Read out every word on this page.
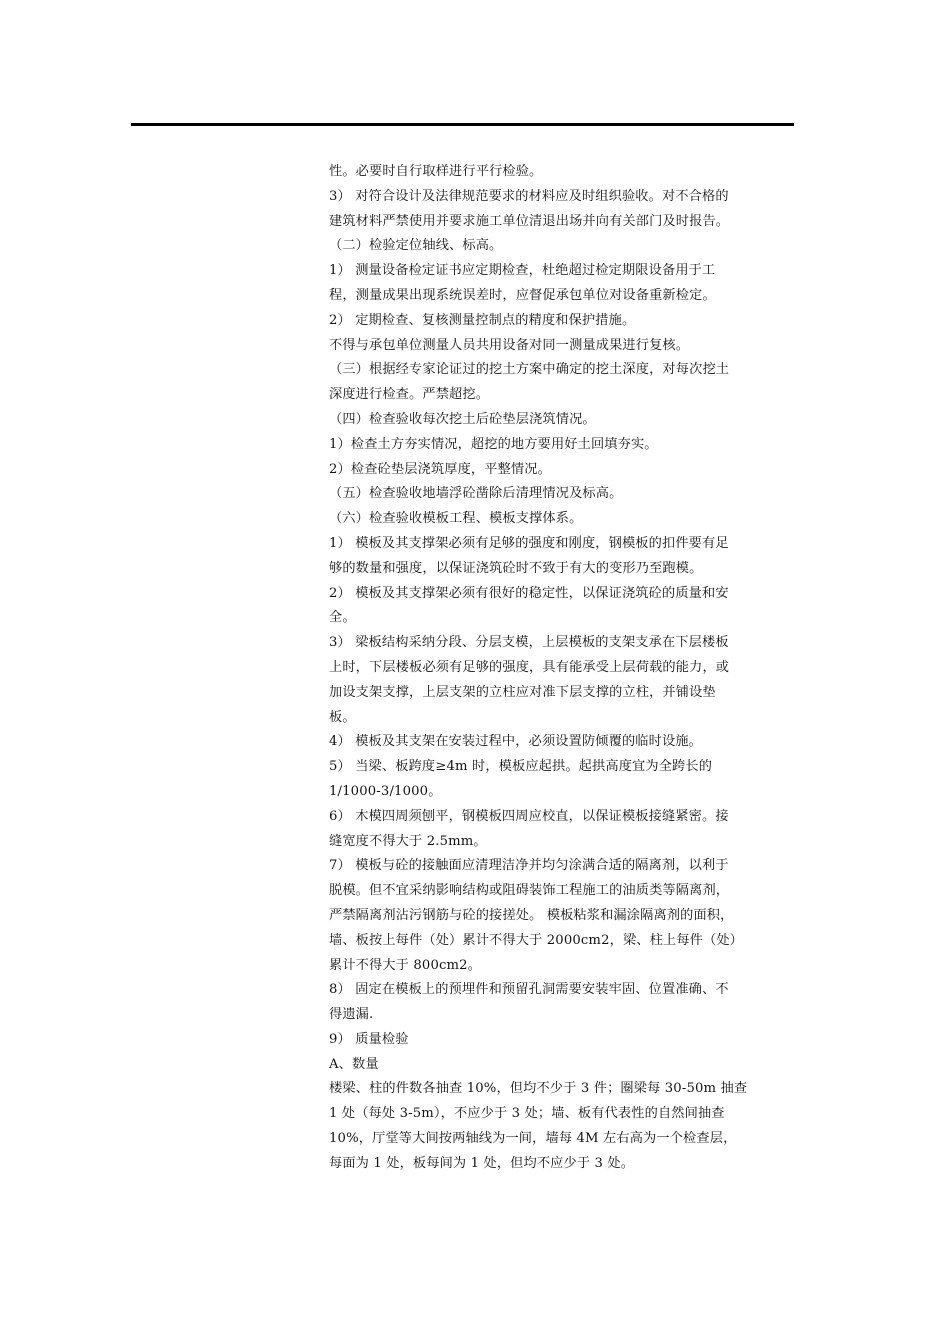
性。必要时自行取样进行平行检验。
3） 对符合设计及法律规范要求的材料应及时组织验收。对不合格的
建筑材料严禁使用并要求施工单位清退出场并向有关部门及时报告。
（二）检验定位轴线、标高。
1） 测量设备检定证书应定期检查，杜绝超过检定期限设备用于工
程，测量成果出现系统误差时，应督促承包单位对设备重新检定。
2） 定期检查、复核测量控制点的精度和保护措施。
不得与承包单位测量人员共用设备对同一测量成果进行复核。
（三）根据经专家论证过的挖土方案中确定的挖土深度，对每次挖土
深度进行检查。严禁超挖。
（四）检查验收每次挖土后砼垫层浇筑情况。
1）检查土方夯实情况，超挖的地方要用好土回填夯实。
2）检查砼垫层浇筑厚度，平整情况。
（五）检查验收地墙浮砼凿除后清理情况及标高。
（六）检查验收模板工程、模板支撑体系。
1） 模板及其支撑架必须有足够的强度和刚度，钢模板的扣件要有足
够的数量和强度，以保证浇筑砼时不致于有大的变形乃至跑模。
2） 模板及其支撑架必须有很好的稳定性，以保证浇筑砼的质量和安
全。
3） 梁板结构采纳分段、分层支模，上层模板的支架支承在下层楼板
上时，下层楼板必须有足够的强度，具有能承受上层荷载的能力，或
加设支架支撑，上层支架的立柱应对准下层支撑的立柱，并铺设垫
板。
4） 模板及其支架在安装过程中，必须设置防倾覆的临时设施。
5） 当梁、板跨度≥4m 时，模板应起拱。起拱高度宜为全跨长的
1/1000-3/1000。
6） 木模四周须刨平，钢模板四周应校直，以保证模板接缝紧密。接
缝宽度不得大于 2.5mm。
7） 模板与砼的接触面应清理洁净并均匀涂满合适的隔离剂，以利于
脱模。但不宜采纳影响结构或阻碍装饰工程施工的油质类等隔离剂，
严禁隔离剂沾污钢筋与砼的接搓处。 模板粘浆和漏涂隔离剂的面积，
墙、板按上每件（处）累计不得大于 2000cm2，梁、柱上每件（处）
累计不得大于 800cm2。
8） 固定在模板上的预埋件和预留孔洞需要安装牢固、位置准确、不
得遗漏.
9） 质量检验
A、数量
楼梁、柱的件数各抽查 10%，但均不少于 3 件；圈梁每 30-50m 抽查
1 处（每处 3-5m），不应少于 3 处；墙、板有代表性的自然间抽查
10%，厅堂等大间按两轴线为一间，墙每 4M 左右高为一个检查层，
每面为 1 处，板每间为 1 处，但均不应少于 3 处。
